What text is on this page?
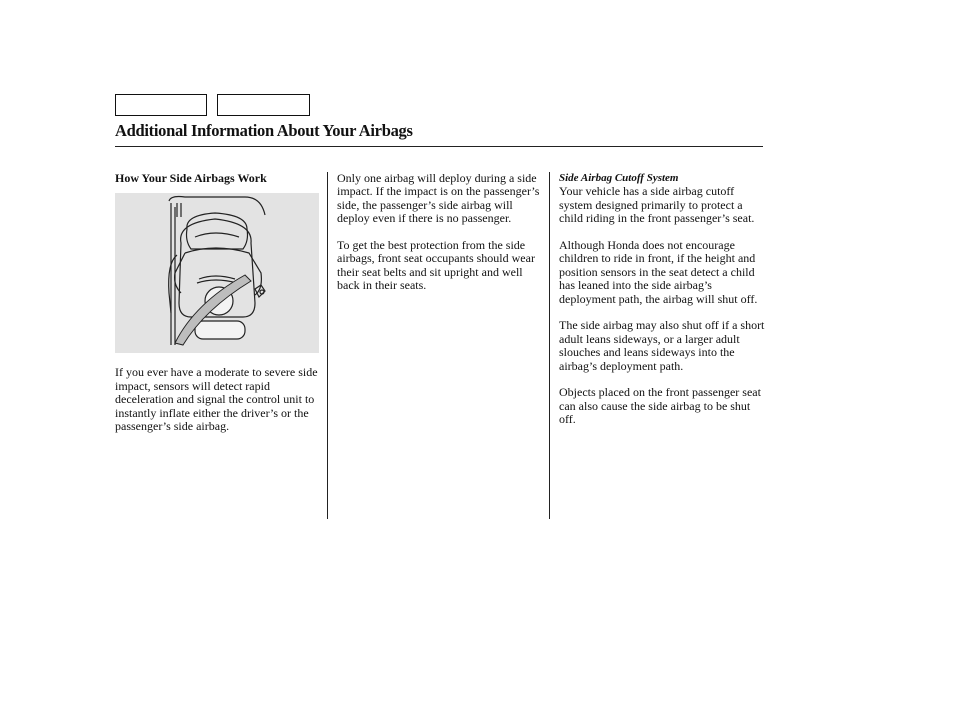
Additional Information About Your Airbags
How Your Side Airbags Work

If you ever have a moderate to severe side impact, sensors will detect rapid deceleration and signal the control unit to instantly inflate either the driver’s or the passenger’s side airbag.

Only one airbag will deploy during a side impact. If the impact is on the passenger’s side, the passenger’s side airbag will deploy even if there is no passenger.

To get the best protection from the side airbags, front seat occupants should wear their seat belts and sit upright and well back in their seats.

Side Airbag Cutoff System

Your vehicle has a side airbag cutoff system designed primarily to protect a child riding in the front passenger’s seat.

Although Honda does not encourage children to ride in front, if the height and position sensors in the seat detect a child has leaned into the side airbag’s deployment path, the airbag will shut off.

The side airbag may also shut off if a short adult leans sideways, or a larger adult slouches and leans sideways into the airbag’s deployment path.

Objects placed on the front passenger seat can also cause the side airbag to be shut off.
